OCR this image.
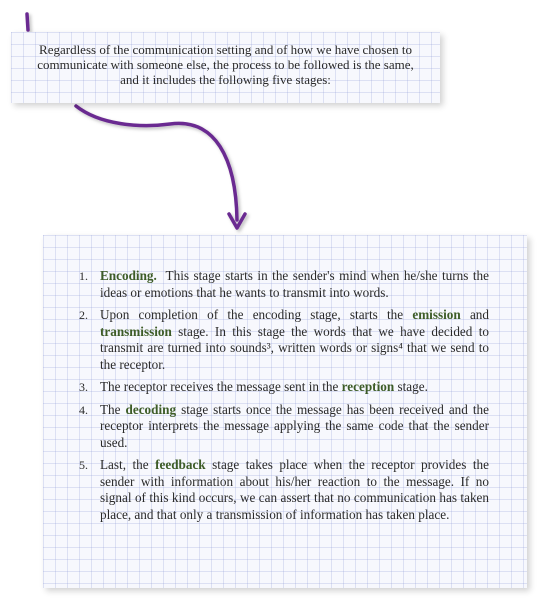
Regardless of the communication setting and of how we have chosen to communicate with someone else, the process to be followed is the same, and it includes the following five stages:

1. Encoding.  This stage starts in the sender's mind when he/she turns the ideas or emotions that he wants to transmit into words.
2. Upon completion of the encoding stage, starts the emission and transmission stage. In this stage the words that we have decided to transmit are turned into sounds³, written words or signs⁴ that we send to the receptor.
3. The receptor receives the message sent in the reception stage.
4. The decoding stage starts once the message has been received and the receptor interprets the message applying the same code that the sender used.
5. Last, the feedback stage takes place when the receptor provides the sender with information about his/her reaction to the message. If no signal of this kind occurs, we can assert that no communication has taken place, and that only a transmission of information has taken place.
